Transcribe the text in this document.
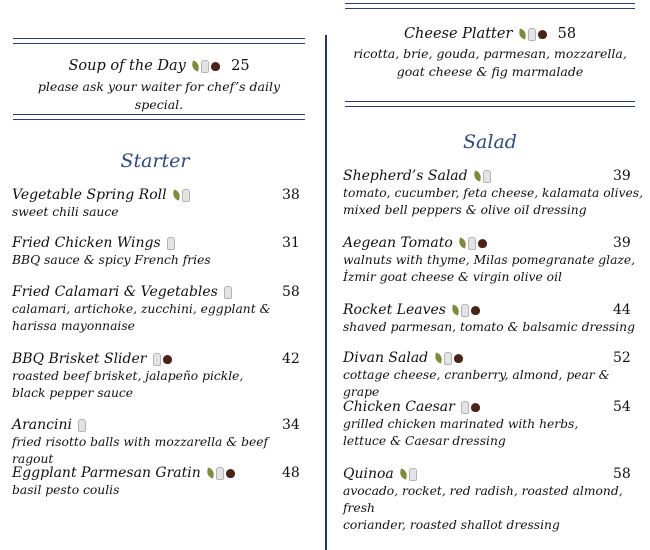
Soup of the Day	25
please ask your waiter for chef’s daily special.
Starter
Vegetable Spring Roll	38
sweet chili sauce
Fried Chicken Wings	31
BBQ sauce & spicy French fries
Fried Calamari & Vegetables	58
calamari, artichoke, zucchini, eggplant &
harissa mayonnaise
BBQ Brisket Slider	42
roasted beef brisket, jalapeño pickle,
black pepper sauce
Arancini	34
fried risotto balls with mozzarella & beef ragout
Eggplant Parmesan Gratin	48
basil pesto coulis
Cheese Platter	58
ricotta, brie, gouda, parmesan, mozzarella,
goat cheese & fig marmalade
Salad
Shepherd’s Salad	39
tomato, cucumber, feta cheese, kalamata olives,
mixed bell peppers & olive oil dressing
Aegean Tomato	39
walnuts with thyme, Milas pomegranate glaze,
İzmir goat cheese & virgin olive oil
Rocket Leaves	44
shaved parmesan, tomato & balsamic dressing
Divan Salad	52
cottage cheese, cranberry, almond, pear & grape
Chicken Caesar	54
grilled chicken marinated with herbs,
lettuce & Caesar dressing
Quinoa	58
avocado, rocket, red radish, roasted almond, fresh
coriander, roasted shallot dressing
